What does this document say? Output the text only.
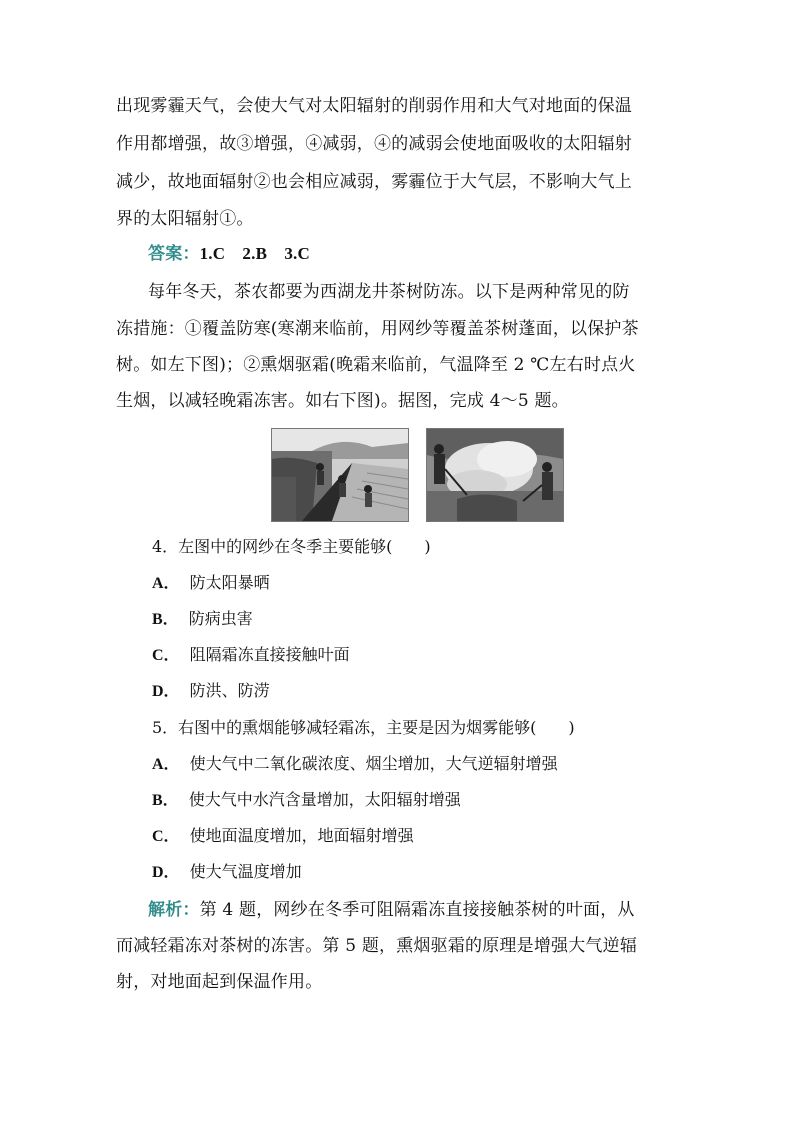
出现雾霾天气，会使大气对太阳辐射的削弱作用和大气对地面的保温
作用都增强，故③增强，④减弱，④的减弱会使地面吸收的太阳辐射
减少，故地面辐射②也会相应减弱，雾霾位于大气层，不影响大气上
界的太阳辐射①。
答案：1.C　2.B　3.C
每年冬天，茶农都要为西湖龙井茶树防冻。以下是两种常见的防
冻措施：①覆盖防寒(寒潮来临前，用网纱等覆盖茶树蓬面，以保护茶
树。如左下图)；②熏烟驱霜(晚霜来临前，气温降至 2 ℃左右时点火
生烟，以减轻晚霜冻害。如右下图)。据图，完成 4～5 题。
4．左图中的网纱在冬季主要能够(　　)
A． 防太阳暴晒
B． 防病虫害
C． 阻隔霜冻直接接触叶面
D． 防洪、防涝
5．右图中的熏烟能够减轻霜冻，主要是因为烟雾能够(　　)
A． 使大气中二氧化碳浓度、烟尘增加，大气逆辐射增强
B． 使大气中水汽含量增加，太阳辐射增强
C． 使地面温度增加，地面辐射增强
D． 使大气温度增加
解析：第 4 题，网纱在冬季可阻隔霜冻直接接触茶树的叶面，从
而减轻霜冻对茶树的冻害。第 5 题，熏烟驱霜的原理是增强大气逆辐
射，对地面起到保温作用。
